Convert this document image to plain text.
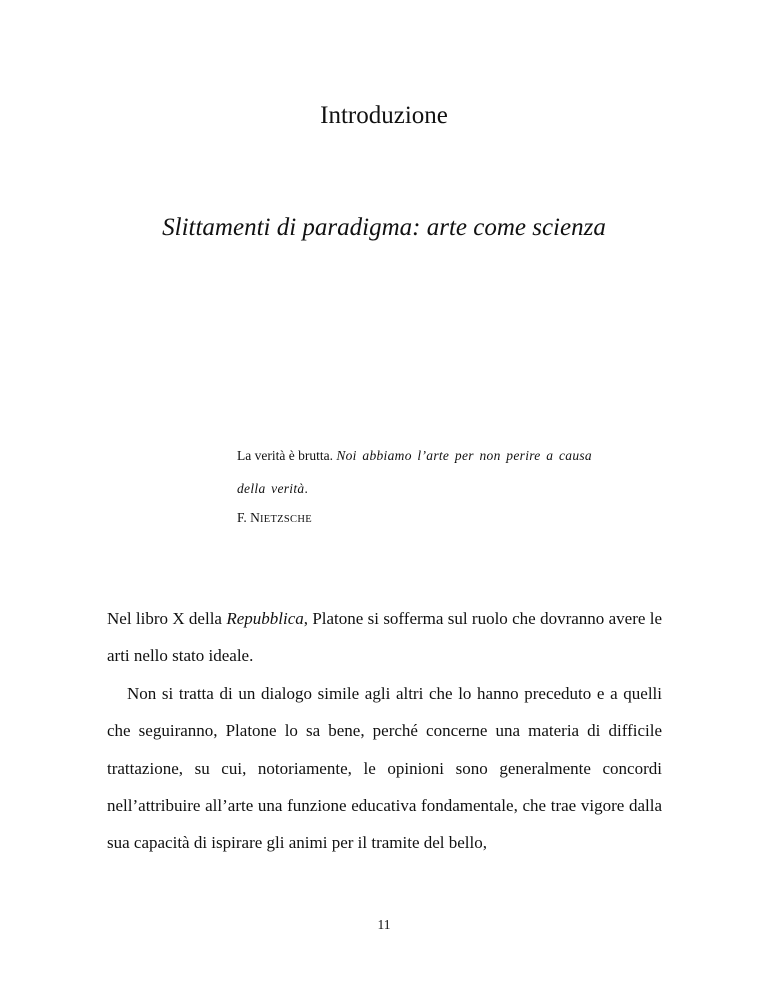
Introduzione
Slittamenti di paradigma: arte come scienza
La verità è brutta. Noi abbiamo l’arte per non perire a causa
della verità.
F. NIETZSCHE

Nel libro X della Repubblica, Platone si sofferma sul ruolo che dovranno avere le arti nello stato ideale.

Non si tratta di un dialogo simile agli altri che lo hanno preceduto e a quelli che seguiranno, Platone lo sa bene, perché concerne una materia di difficile trattazione, su cui, notoriamente, le opinioni sono generalmente concordi nell’attribuire all’arte una funzione educativa fondamentale, che trae vigore dalla sua capacità di ispirare gli animi per il tramite del bello,

11
